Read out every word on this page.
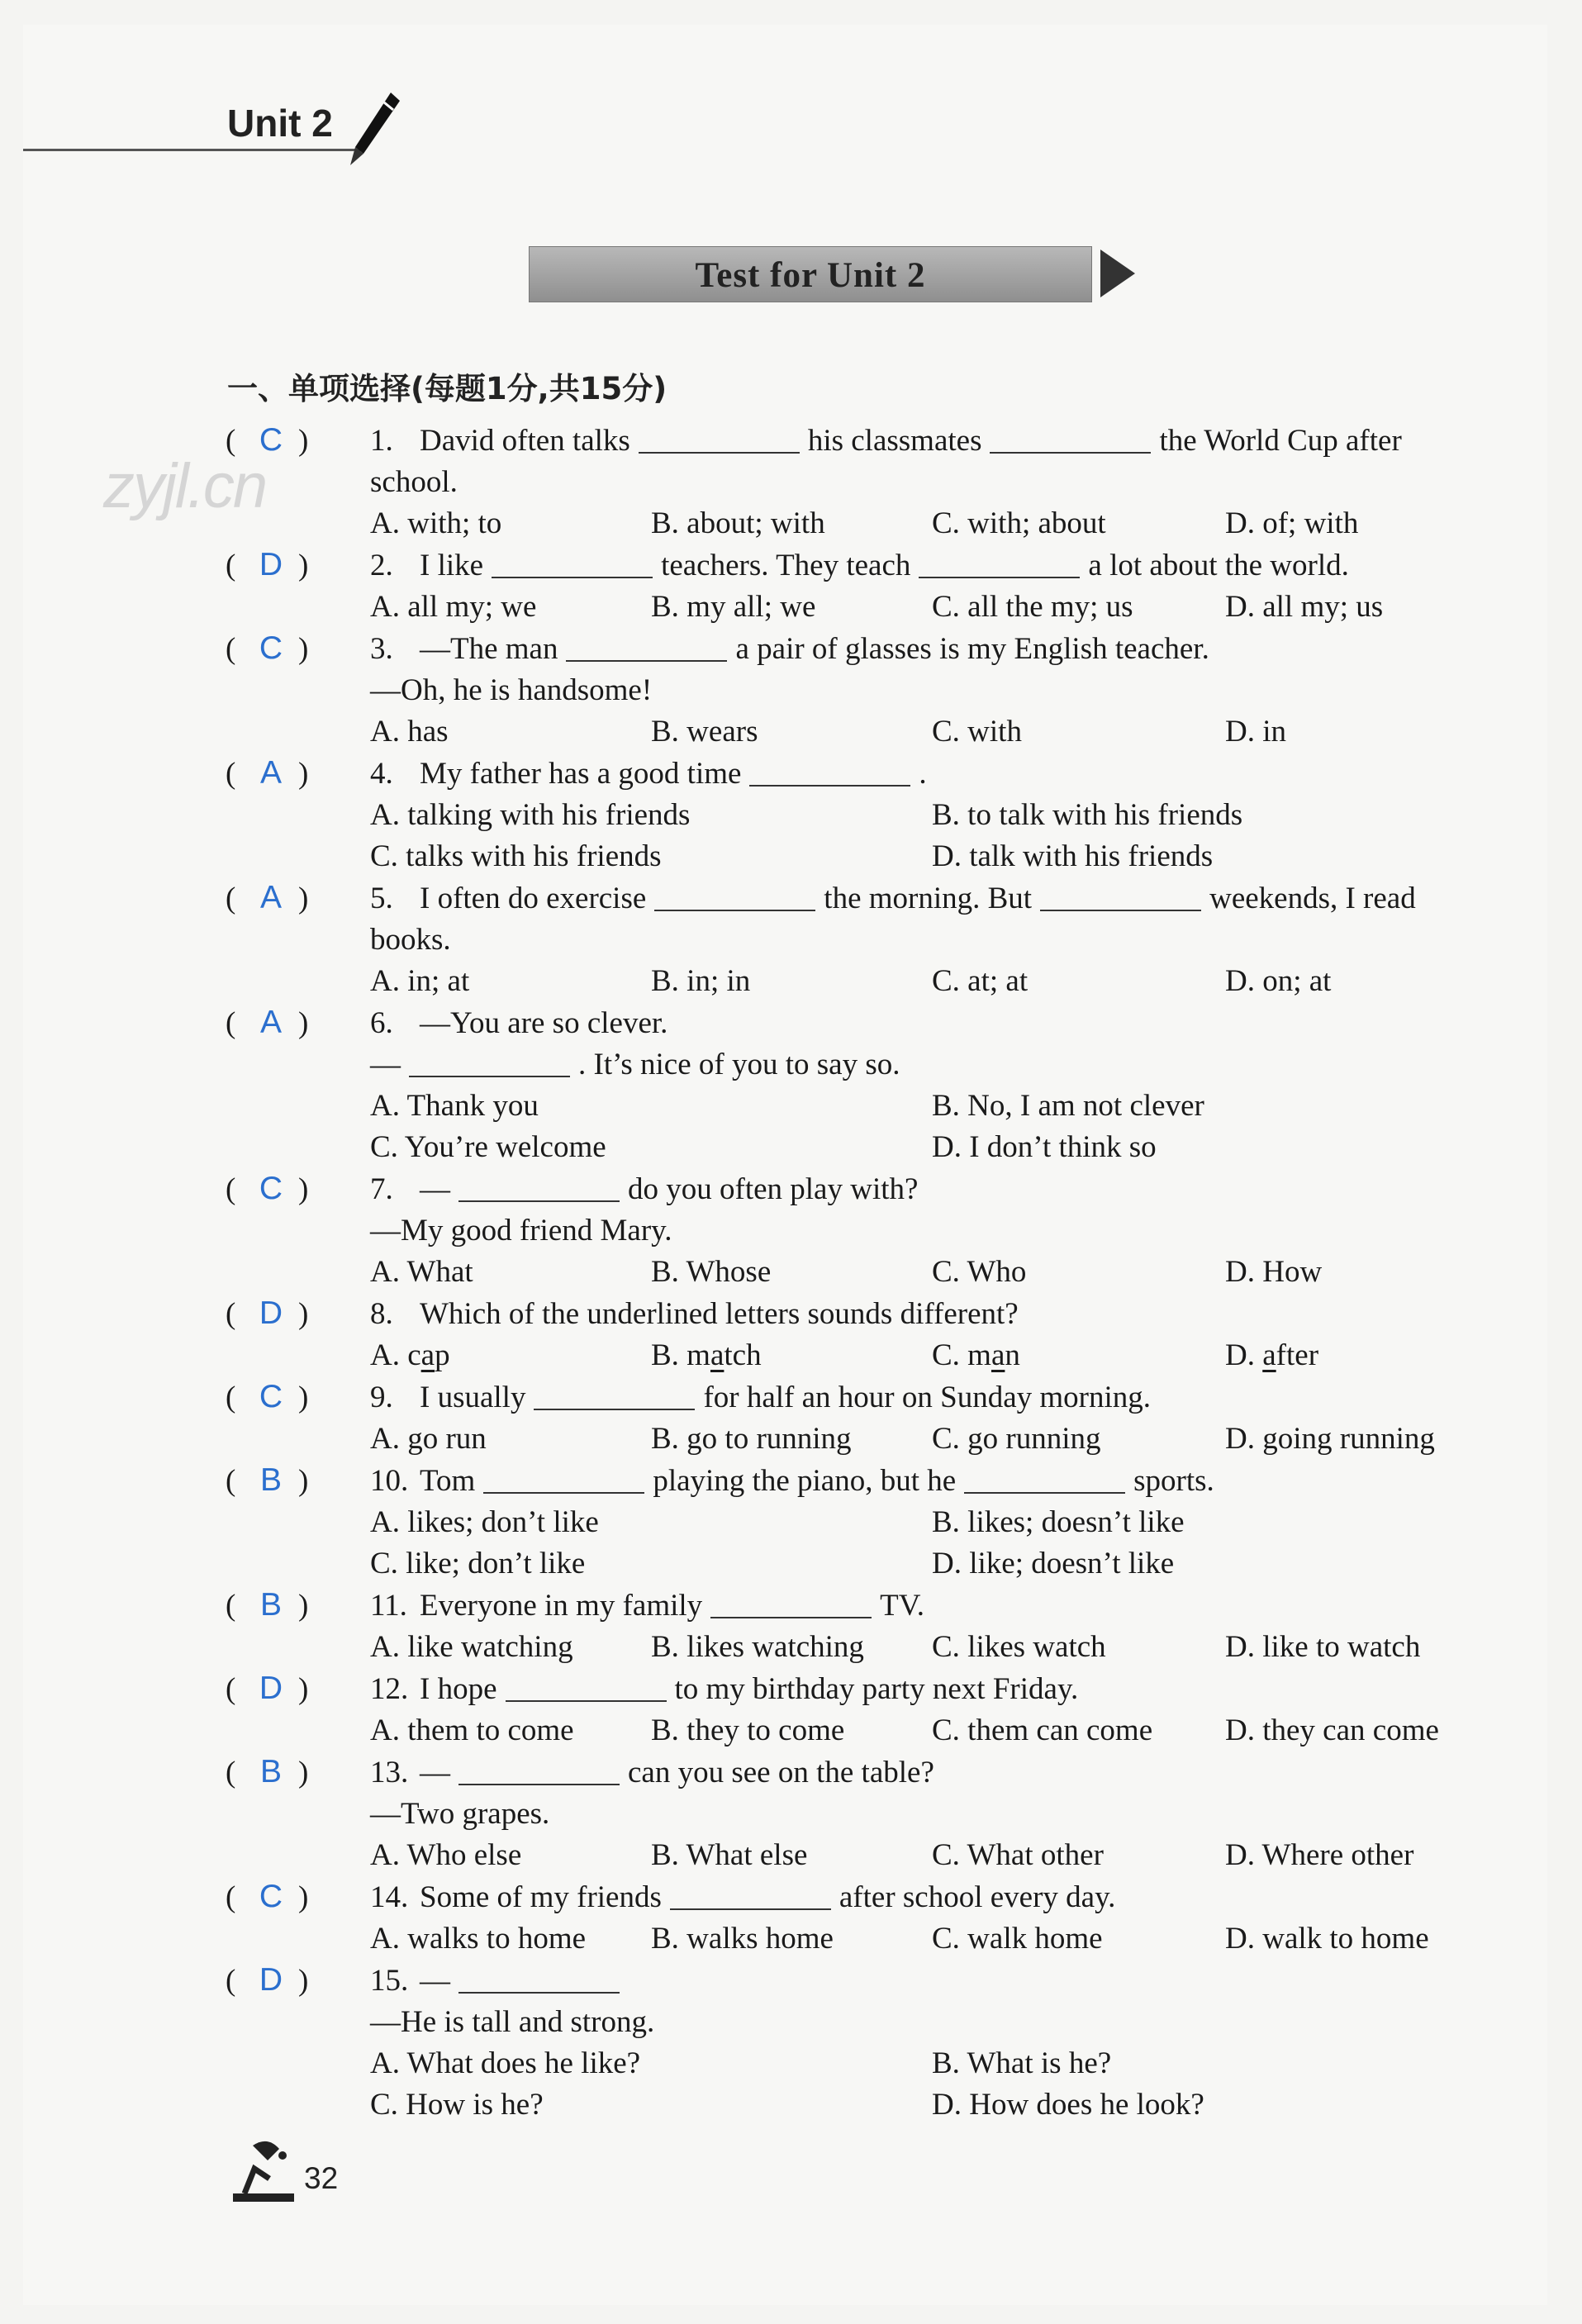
Unit 2
Test for Unit 2
一、单项选择(每题1分,共15分)
zyjl.cn
( C ) 1. David often talks	his classmates	the World Cup after
school.
A. with; to	B. about; with	C. with; about	D. of; with
( D ) 2. I like	teachers. They teach	a lot about the world.
A. all my; we	B. my all; we	C. all the my; us	D. all my; us
( C ) 3. —The man	a pair of glasses is my English teacher.
—Oh, he is handsome!
A. has	B. wears	C. with	D. in
( A ) 4. My father has a good time	.
A. talking with his friends	B. to talk with his friends
C. talks with his friends	D. talk with his friends
( A ) 5. I often do exercise	the morning. But	weekends, I read
books.
A. in; at	B. in; in	C. at; at	D. on; at
( A ) 6. —You are so clever.
—	. It’s nice of you to say so.
A. Thank you	B. No, I am not clever
C. You’re welcome	D. I don’t think so
( C ) 7. —	do you often play with?
—My good friend Mary.
A. What	B. Whose	C. Who	D. How
( D ) 8. Which of the underlined letters sounds different?
A. cap	B. match	C. man	D. after
( C ) 9. I usually	for half an hour on Sunday morning.
A. go run	B. go to running	C. go running	D. going running
( B ) 10. Tom	playing the piano, but he	sports.
A. likes; don’t like	B. likes; doesn’t like
C. like; don’t like	D. like; doesn’t like
( B ) 11. Everyone in my family	TV.
A. like watching	B. likes watching	C. likes watch	D. like to watch
( D ) 12. I hope	to my birthday party next Friday.
A. them to come	B. they to come	C. them can come	D. they can come
( B ) 13. —	can you see on the table?
—Two grapes.
A. Who else	B. What else	C. What other	D. Where other
( C ) 14. Some of my friends	after school every day.
A. walks to home	B. walks home	C. walk home	D. walk to home
( D ) 15. —
—He is tall and strong.
A. What does he like?	B. What is he?
C. How is he?	D. How does he look?
32
